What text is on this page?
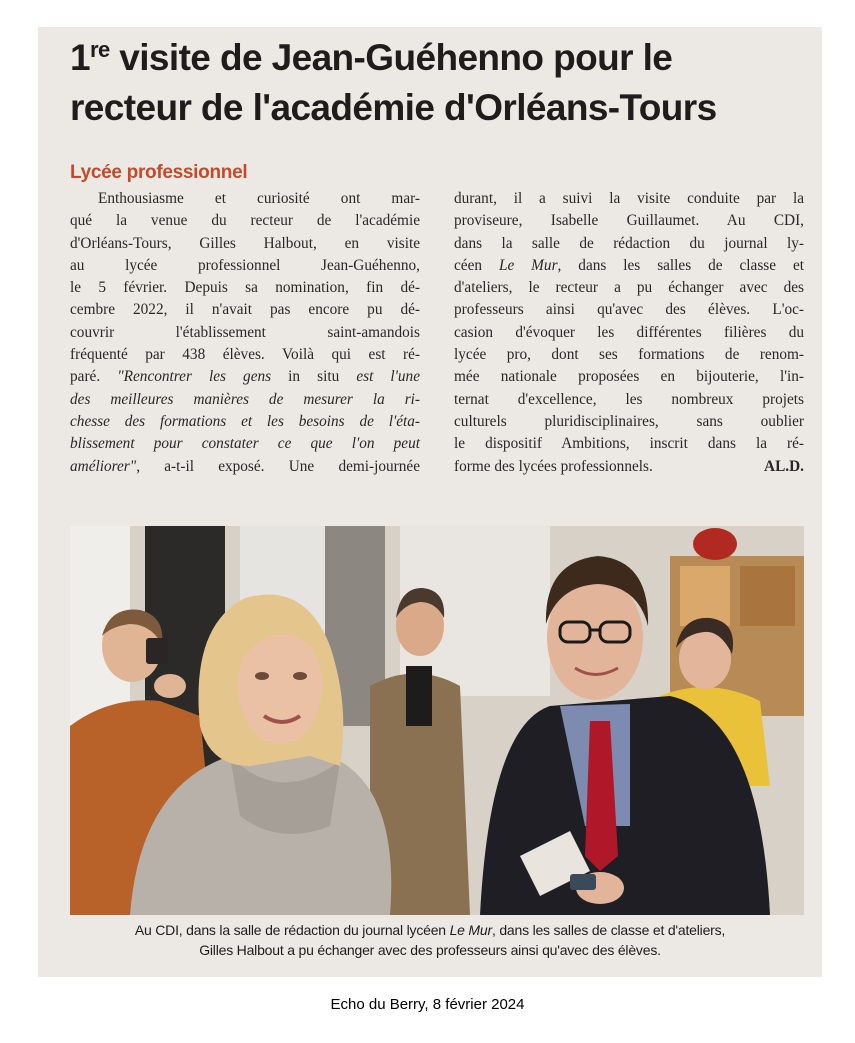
1re visite de Jean-Guéhenno pour le
recteur de l'académie d'Orléans-Tours
Lycée professionnel
Enthousiasme et curiosité ont mar-
qué la venue du recteur de l'académie
d'Orléans-Tours, Gilles Halbout, en visite
au lycée professionnel Jean-Guéhenno,
le 5 février. Depuis sa nomination, fin dé-
cembre 2022, il n'avait pas encore pu dé-
couvrir l'établissement saint-amandois
fréquenté par 438 élèves. Voilà qui est ré-
paré. "Rencontrer les gens in situ est l'une
des meilleures manières de mesurer la ri-
chesse des formations et les besoins de l'éta-
blissement pour constater ce que l'on peut
améliorer", a-t-il exposé. Une demi-journée
durant, il a suivi la visite conduite par la
proviseure, Isabelle Guillaumet. Au CDI,
dans la salle de rédaction du journal ly-
céen Le Mur, dans les salles de classe et
d'ateliers, le recteur a pu échanger avec des
professeurs ainsi qu'avec des élèves. L'oc-
casion d'évoquer les différentes filières du
lycée pro, dont ses formations de renom-
mée nationale proposées en bijouterie, l'in-
ternat d'excellence, les nombreux projets
culturels pluridisciplinaires, sans oublier
le dispositif Ambitions, inscrit dans la ré-
forme des lycées professionnels.	AL.D.

Au CDI, dans la salle de rédaction du journal lycéen Le Mur, dans les salles de classe et d'ateliers,
Gilles Halbout a pu échanger avec des professeurs ainsi qu'avec des élèves.

Echo du Berry, 8 février 2024
